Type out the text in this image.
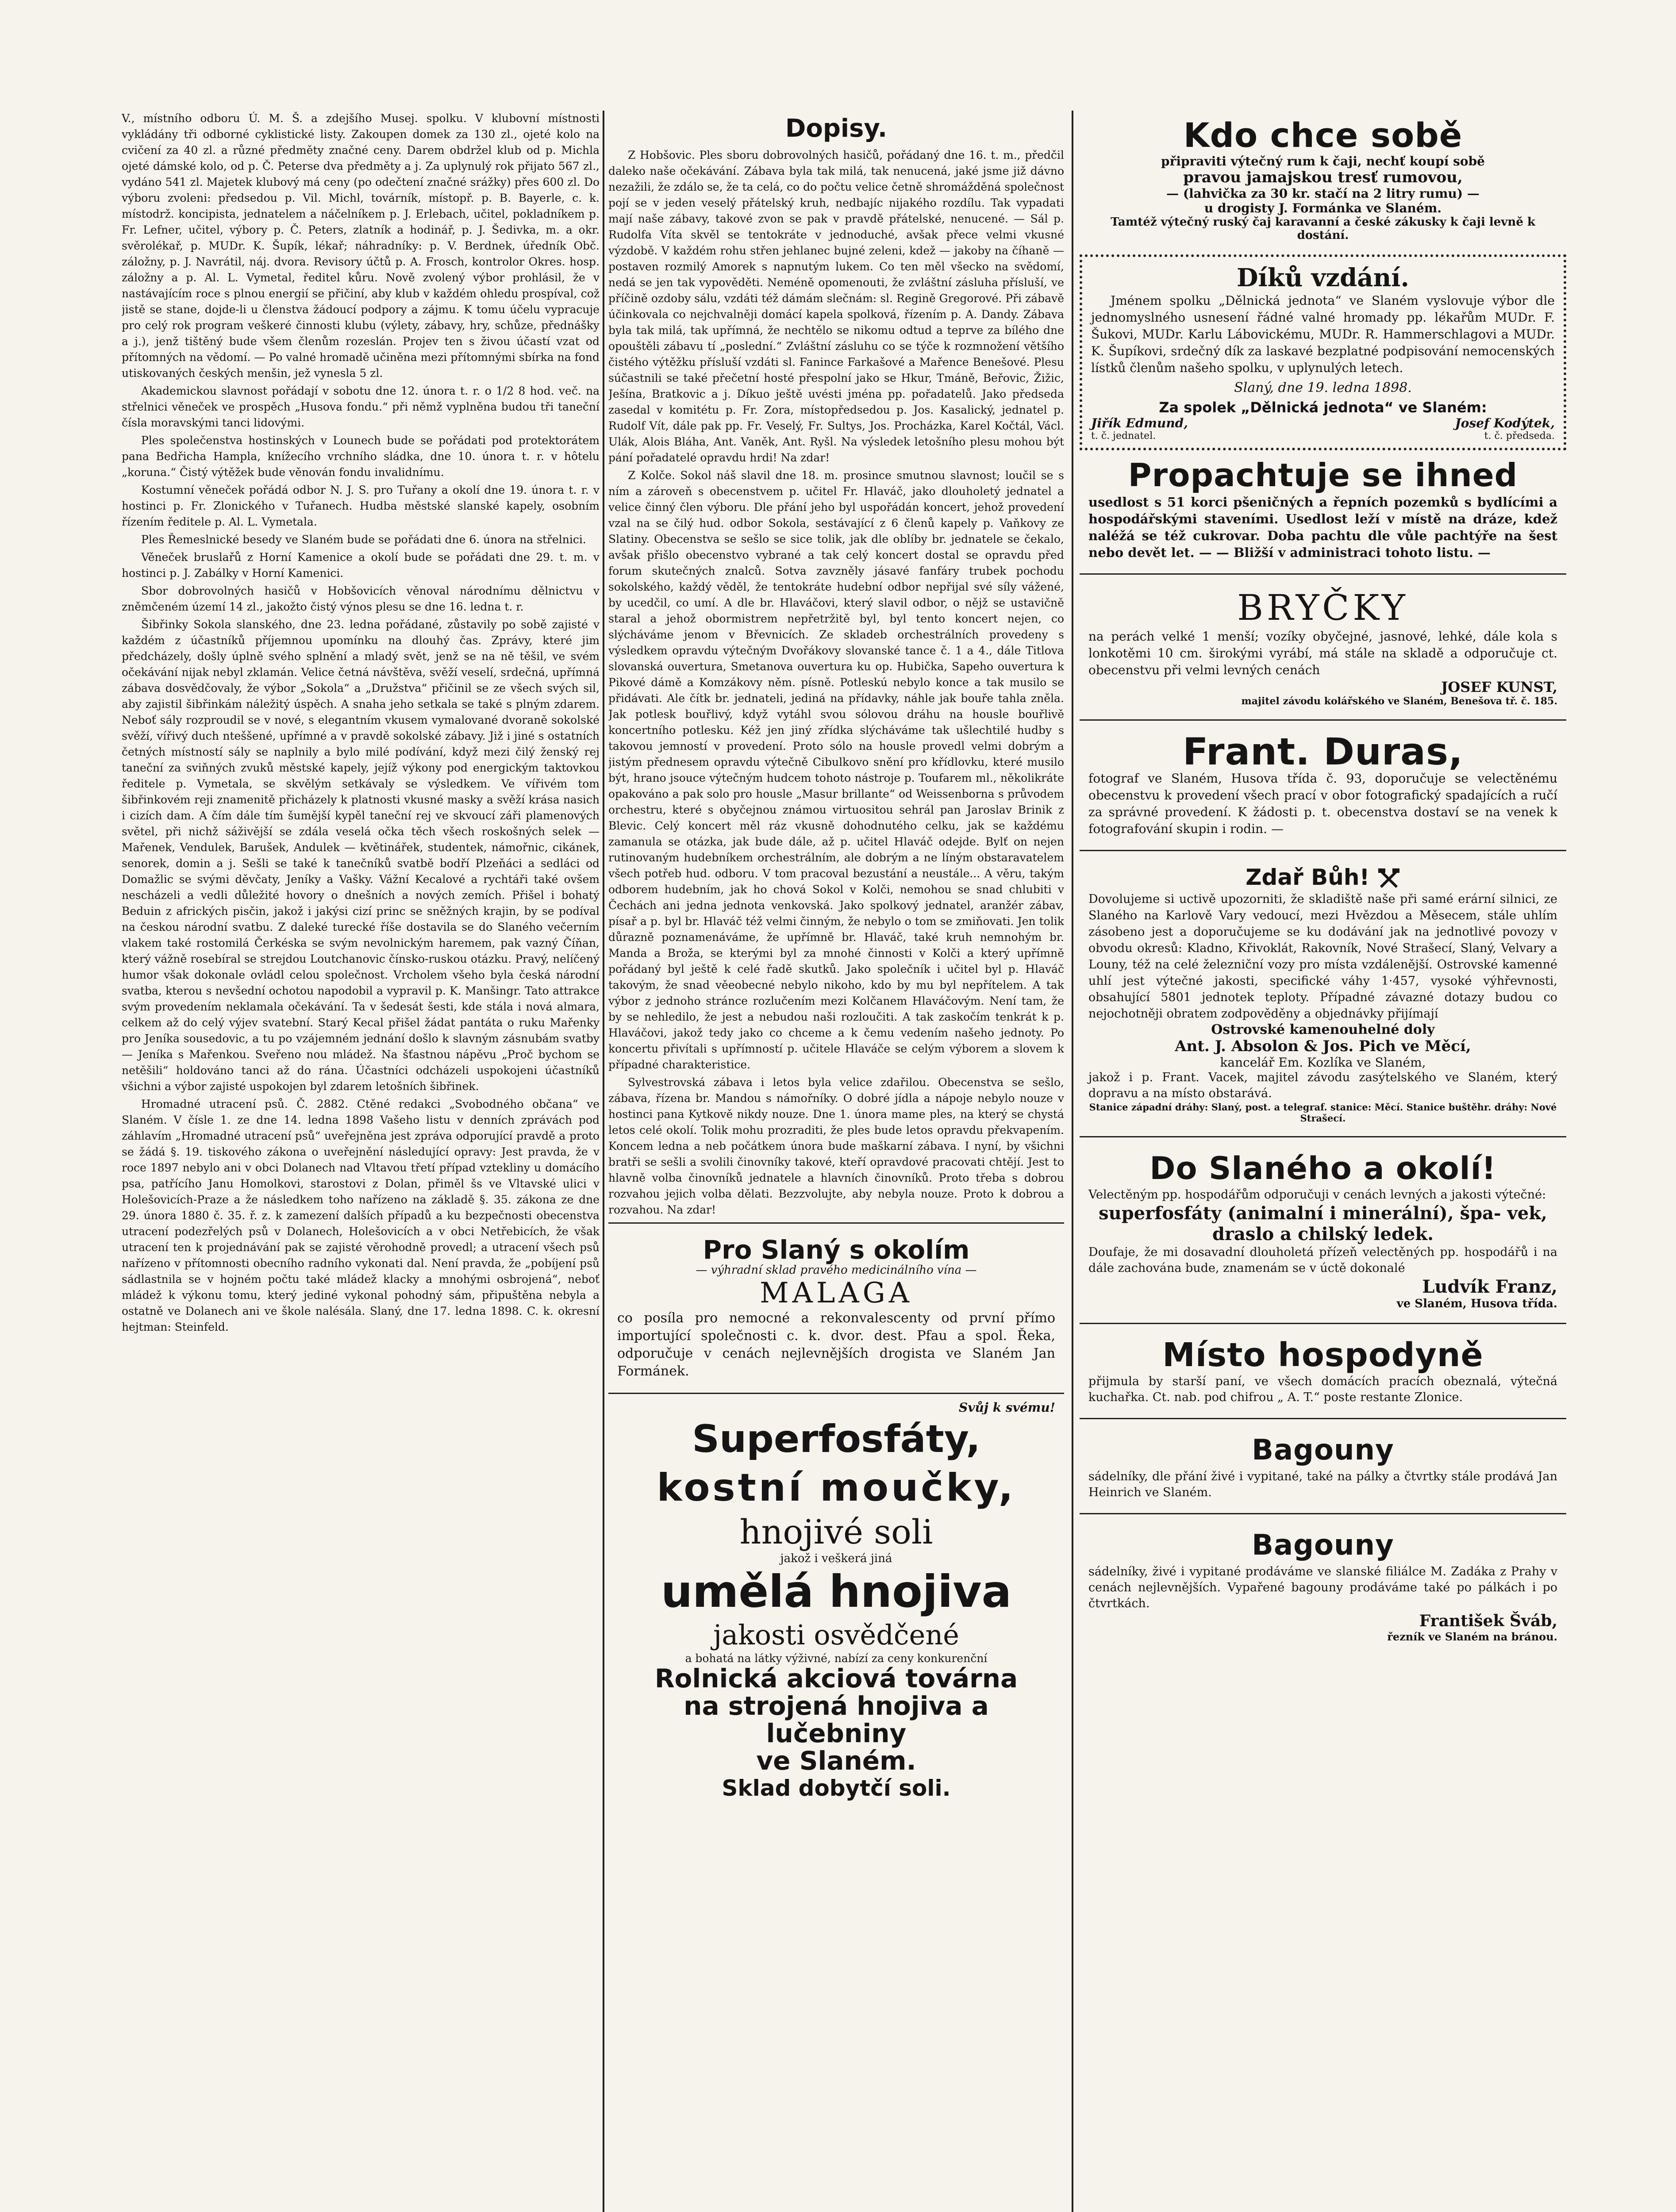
V., místního odboru Ú. M. Š. a zdejšího Musej. spolku. V klubovní místnosti vykládány tři odborné cyklistické listy. Zakoupen domek za 130 zl., ojeté kolo na cvičení za 40 zl. a různé předměty značné ceny. Darem obdržel klub od p. Michla ojeté dámské kolo, od p. Č. Peterse dva předměty a j. Za uplynulý rok přijato 567 zl., vydáno 541 zl. Majetek klubový má ceny (po odečtení značné srážky) přes 600 zl. Do výboru zvoleni: předsedou p. Vil. Michl, továrník, místopř. p. B. Bayerle, c. k. místodrž. koncipista, jednatelem a náčelníkem p. J. Erlebach, učitel, pokladníkem p. Fr. Lefner, učitel, výbory p. Č. Peters, zlatník a hodinář, p. J. Šedivka, m. a okr. svěrolékař, p. MUDr. K. Šupík, lékař; náhradníky: p. V. Berdnek, úředník Obč. záložny, p. J. Navrátil, náj. dvora. Revisory účtů p. A. Frosch, kontrolor Okres. hosp. záložny a p. Al. L. Vymetal, ředitel kůru. Nově zvolený výbor prohlásil, že v nastávajícím roce s plnou energií se přičiní, aby klub v každém ohledu prospíval, což jistě se stane, dojde-li u členstva žádoucí podpory a zájmu. K tomu účelu vypracuje pro celý rok program veškeré činnosti klubu (výlety, zábavy, hry, schůze, přednášky a j.), jenž tištěný bude všem členům rozeslán. Projev ten s živou účastí vzat od přítomných na vědomí. — Po valné hromadě učiněna mezi přítomnými sbírka na fond utiskovaných českých menšin, jež vynesla 5 zl.

Akademickou slavnost pořádají v sobotu dne 12. února t. r. o 1/2 8 hod. več. na střelnici věneček ve prospěch „Husova fondu.“ při němž vyplněna budou tři taneční čísla moravskými tanci lidovými.

Ples společenstva hostinských v Lounech bude se pořádati pod protektorátem pana Bedřicha Hampla, knížecího vrchního sládka, dne 10. února t. r. v hôtelu „koruna.“ Čistý výtěžek bude věnován fondu invalidnímu.

Kostumní věneček pořádá odbor N. J. S. pro Tuřany a okolí dne 19. února t. r. v hostinci p. Fr. Zlonického v Tuřanech. Hudba městské slanské kapely, osobním řízením ředitele p. Al. L. Vymetala.

Ples Řemeslnické besedy ve Slaném bude se pořádati dne 6. února na střelnici.

Věneček bruslařů z Horní Kamenice a okolí bude se pořádati dne 29. t. m. v hostinci p. J. Zabálky v Horní Kamenici.

Sbor dobrovolných hasičů v Hobšovicích věnoval národnímu dělnictvu v zněmčeném území 14 zl., jakožto čistý výnos plesu se dne 16. ledna t. r.

Šibřinky Sokola slanského, dne 23. ledna pořádané, zůstavily po sobě zajisté v každém z účastníků příjemnou upomínku na dlouhý čas. Zprávy, které jim předcházely, došly úplně svého splnění a mladý svět, jenž se na ně těšil, ve svém očekávání nijak nebyl zklamán. Velice četná návštěva, svěží veselí, srdečná, upřímná zábava dosvědčovaly, že výbor „Sokola“ a „Družstva“ přičinil se ze všech svých sil, aby zajistil šibřinkám náležitý úspěch. A snaha jeho setkala se také s plným zdarem. Neboť sály rozproudil se v nové, s elegantním vkusem vymalované dvoraně sokolské svěží, vířivý duch nteššené, upřímné a v pravdě sokolské zábavy. Již i jiné s ostatních četných místností sály se naplnily a bylo milé podívání, když mezi čilý ženský rej taneční za sviňných zvuků městské kapely, jejíž výkony pod energickým taktovkou ředitele p. Vymetala, se skvělým setkávaly se výsledkem. Ve vířivém tom šibřinkovém reji znamenitě přicházely k platnosti vkusné masky a svěží krása nasich i cizích dam. A čím dále tím šumější kypěl taneční rej ve skvoucí záři plamenových světel, při nichž sáživější se zdála veselá očka těch všech roskošných selek — Mařenek, Vendulek, Barušek, Andulek — květinářek, studentek, námořnic, cikánek, senorek, domin a j. Sešli se také k tanečníků svatbě bodří Plzeňáci a sedláci od Domažlic se svými děvčaty, Jeníky a Vašky. Vážní Kecalové a rychtáři také ovšem nescházeli a vedli důležité hovory o dnešních a nových zemích. Přišel i bohatý Beduin z afrických pisčin, jakož i jakýsi cizí princ se sněžných krajin, by se podíval na českou národní svatbu. Z daleké turecké říše dostavila se do Slaného večerním vlakem také rostomilá Čerkéska se svým nevolnickým haremem, pak vazný Číňan, který vážně rosebíral se strejdou Loutchanovic čínsko-ruskou otázku. Pravý, nelíčený humor však dokonale ovládl celou společnost. Vrcholem všeho byla česká národní svatba, kterou s nevšední ochotou napodobil a vypravil p. K. Manšingr. Tato attrakce svým provedením neklamala očekávání. Ta v šedesát šesti, kde stála i nová almara, celkem až do celý výjev svatební. Starý Kecal přišel žádat pantáta o ruku Mařenky pro Jeníka sousedovic, a tu po vzájemném jednání došlo k slavným zásnubám svatby — Jeníka s Mařenkou. Sveřeno nou mládež. Na šťastnou nápěvu „Proč bychom se netěšili“ holdováno tanci až do rána. Účastníci odcházeli uspokojeni účastníků všichni a výbor zajisté uspokojen byl zdarem letošních šibřinek.

Hromadné utracení psů. Č. 2882. Ctěné redakci „Svobodného občana“ ve Slaném. V čísle 1. ze dne 14. ledna 1898 Vašeho listu v denních zprávách pod záhlavím „Hromadné utracení psů“ uveřejněna jest zpráva odporující pravdě a proto se žádá §. 19. tiskového zákona o uveřejnění následující opravy: Jest pravda, že v roce 1897 nebylo ani v obci Dolanech nad Vltavou třetí případ vztekliny u domácího psa, patřícího Janu Homolkovi, starostovi z Dolan, přiměl šs ve Vltavské ulici v Holešovicích-Praze a že následkem toho nařízeno na základě §. 35. zákona ze dne 29. února 1880 č. 35. ř. z. k zamezení dalších případů a ku bezpečnosti obecenstva utracení podezřelých psů v Dolanech, Holešovicích a v obci Netřebicích, že však utracení ten k projednávání pak se zajisté věrohodně provedl; a utracení všech psů nařízeno v přítomnosti obecního radního vykonati dal. Není pravda, že „pobíjení psů sádlastnila se v hojném počtu také mládež klacky a mnohými osbrojená“, neboť mládež k výkonu tomu, který jediné vykonal pohodný sám, připuštěna nebyla a ostatně ve Dolanech ani ve škole nalésála. Slaný, dne 17. ledna 1898. C. k. okresní hejtman: Steinfeld.

Dopisy.

Z Hobšovic. Ples sboru dobrovolných hasičů, pořádaný dne 16. t. m., předčil daleko naše očekávání. Zábava byla tak milá, tak nenucená, jaké jsme již dávno nezažili, že zdálo se, že ta celá, co do počtu velice četně shromážděná společnost pojí se v jeden veselý přátelský kruh, nedbajíc nijakého rozdílu. Tak vypadati mají naše zábavy, takové zvon se pak v pravdě přátelské, nenucené. — Sál p. Rudolfa Víta skvěl se tentokráte v jednoduché, avšak přece velmi vkusné výzdobě. V každém rohu střen jehlanec bujné zeleni, kdež — jakoby na číhaně — postaven rozmilý Amorek s napnutým lukem. Co ten měl všecko na svědomí, nedá se jen tak vypověděti. Neméně opomenouti, že zvláštní zásluha přísluší, ve příčině ozdoby sálu, vzdáti též dámám slečnám: sl. Regině Gregorové. Při zábavě účinkovala co nejchvalněji domácí kapela spolková, řízením p. A. Dandy. Zábava byla tak milá, tak upřímná, že nechtělo se nikomu odtud a teprve za bílého dne opouštěli zábavu tí „poslední.“ Zvláštní zásluhu co se týče k rozmnožení většího čistého výtěžku přísluší vzdáti sl. Fanince Farkašové a Mařence Benešové. Plesu súčastnili se také přečetní hosté přespolní jako se Hkur, Tmáně, Beřovic, Žižic, Ješína, Bratkovic a j. Díkuo ještě uvésti jména pp. pořadatelů. Jako předseda zasedal v komitétu p. Fr. Zora, místopředsedou p. Jos. Kasalický, jednatel p. Rudolf Vít, dále pak pp. Fr. Veselý, Fr. Sultys, Jos. Procházka, Karel Kočtál, Václ. Ulák, Alois Bláha, Ant. Vaněk, Ant. Ryšl. Na výsledek letošního plesu mohou být pání pořadatelé opravdu hrdi! Na zdar!

Z Kolče. Sokol náš slavil dne 18. m. prosince smutnou slavnost; loučil se s ním a zároveň s obecenstvem p. učitel Fr. Hlaváč, jako dlouholetý jednatel a velice činný člen výboru. Dle přání jeho byl uspořádán koncert, jehož provedení vzal na se čilý hud. odbor Sokola, sestávající z 6 členů kapely p. Vaňkovy ze Slatiny. Obecenstva se sešlo se sice tolik, jak dle oblíby br. jednatele se čekalo, avšak přišlo obecenstvo vybrané a tak celý koncert dostal se opravdu před forum skutečných znalců. Sotva zavzněly jásavé fanfáry trubek pochodu sokolského, každý věděl, že tentokráte hudební odbor nepřijal své síly vážené, by ucedčil, co umí. A dle br. Hlaváčovi, který slavil odbor, o nějž se ustavičně staral a jehož obormistrem nepřetržitě byl, byl tento koncert nejen, co slýcháváme jenom v Břevnicích. Ze skladeb orchestrálních provedeny s výsledkem opravdu výtečným Dvořákovy slovanské tance č. 1 a 4., dále Titlova slovanská ouvertura, Smetanova ouvertura ku op. Hubička, Sapeho ouvertura k Pikové dámě a Komzákovy něm. písně. Potleskú nebylo konce a tak musilo se přidávati. Ale čítk br. jednateli, jediná na přídavky, náhle jak bouře tahla zněla. Jak potlesk bouřlivý, když vytáhl svou sólovou dráhu na housle bouřlivě koncertního potlesku. Kéž jen jiný zřídka slýcháváme tak ušlechtilé hudby s takovou jemností v provedení. Proto sólo na housle provedl velmi dobrým a jistým přednesem opravdu výtečně Cibulkovo snění pro křídlovku, které musilo být, hrano jsouce výtečným hudcem tohoto nástroje p. Toufarem ml., několikráte opakováno a pak solo pro housle „Masur brillante“ od Weissenborna s průvodem orchestru, které s obyčejnou známou virtuositou sehrál pan Jaroslav Brinik z Blevic. Celý koncert měl ráz vkusně dohodnutého celku, jak se každému zamanula se otázka, jak bude dále, až p. učitel Hlaváč odejde. Bylť on nejen rutinovaným hudebníkem orchestrálním, ale dobrým a ne líným obstaravatelem všech potřeb hud. odboru. V tom pracoval bezustání a neustále... A věru, takým odborem hudebním, jak ho chová Sokol v Kolči, nemohou se snad chlubiti v Čechách ani jedna jednota venkovská. Jako spolkový jednatel, aranžér zábav, písař a p. byl br. Hlaváč též velmi činným, že nebylo o tom se zmiňovati. Jen tolik důrazně poznamenáváme, že upřímně br. Hlaváč, také kruh nemnohým br. Manda a Broža, se kterými byl za mnohé činnosti v Kolči a který upřímně pořádaný byl ještě k celé řadě skutků. Jako společník i učitel byl p. Hlaváč takovým, že snad věeobecné nebylo nikoho, kdo by mu byl nepřítelem. A tak výbor z jednoho stránce rozlučením mezi Kolčanem Hlaváčovým. Není tam, že by se nehledilo, že jest a nebudou naši rozloučiti. A tak zaskočím tenkrát k p. Hlaváčovi, jakož tedy jako co chceme a k čemu vedením našeho jednoty. Po koncertu přivítali s upřímností p. učitele Hlaváče se celým výborem a slovem k případné charakteristice.

Sylvestrovská zábava i letos byla velice zdařilou. Obecenstva se sešlo, zábava, řízena br. Mandou s námořníky. O dobré jídla a nápoje nebylo nouze v hostinci pana Kytkově nikdy nouze. Dne 1. února mame ples, na který se chystá letos celé okolí. Tolik mohu prozraditi, že ples bude letos opravdu překvapením. Koncem ledna a neb počátkem února bude maškarní zábava. I nyní, by všichni bratři se sešli a svolili činovníky takové, kteří opravdové pracovati chtějí. Jest to hlavně volba činovníků jednatele a hlavních činovníků. Proto třeba s dobrou rozvahou jejich volba dělati. Bezzvolujte, aby nebyla nouze. Proto k dobrou a rozvahou. Na zdar!

Pro Slaný s okolím
— výhradní sklad pravého medicinálního vína —
MALAGA
co posíla pro nemocné a rekonvalescenty od první přímo importující společnosti c. k. dvor. dest. Pfau a spol. Řeka, odporučuje v cenách nejlevnějších drogista ve Slaném Jan Formánek.
Svůj k svému!
Superfosfáty,
kostní moučky,
hnojivé soli
jakož i veškerá jiná
umělá hnojiva
jakosti osvědčené
a bohatá na látky výživné, nabízí za ceny konkurenční
Rolnická akciová továrna
na strojená hnojiva a lučebniny
ve Slaném.
Sklad dobytčí soli.
Kdo chce sobě
připraviti výtečný rum k čaji, nechť koupí sobě
pravou jamajskou tresť rumovou,
— (lahvička za 30 kr. stačí na 2 litry rumu) —
u drogisty J. Formánka ve Slaném.
Tamtéž výtečný ruský čaj karavanní a české zákusky k čaji levně k dostání.
Díků vzdání.
Jménem spolku „Dělnická jednota“ ve Slaném vyslovuje výbor dle jednomyslného usnesení řádné valné hromady pp. lékařům MUDr. F. Šukovi, MUDr. Karlu Lábovickému, MUDr. R. Hammerschlagovi a MUDr. K. Šupíkovi, srdečný dík za laskavé bezplatné podpisování nemocenských lístků členům našeho spolku, v uplynulých letech.
Slaný, dne 19. ledna 1898.
Za spolek „Dělnická jednota“ ve Slaném:
Jiřík Edmund,	Josef Kodýtek,
t. č. jednatel.	t. č. předseda.
Propachtuje se ihned
usedlost s 51 korci pšeničných a řepních pozemků s bydlícími a hospodářskými staveními. Usedlost leží v místě na dráze, kdež naléžá se též cukrovar. Doba pachtu dle vůle pachtýře na šest nebo devět let. — — Bližší v administraci tohoto listu. —
BRYČKY
na perách velké 1 menší; vozíky obyčejné, jasnové, lehké, dále kola s lonkotěmi 10 cm. širokými vyrábí, má stále na skladě a odporučuje ct. obecenstvu při velmi levných cenách
JOSEF KUNST,
majitel závodu kolářského ve Slaném, Benešova tř. č. 185.
Frant. Duras,
fotograf ve Slaném, Husova třída č. 93, doporučuje se velectěnému obecenstvu k provedení všech prací v obor fotografický spadajících a ručí za správné provedení. K žádosti p. t. obecenstva dostaví se na venek k fotografování skupin i rodin. —
Zdař Bůh!
Dovolujeme si uctivě upozorniti, že skladiště naše při samé erární silnici, ze Slaného na Karlově Vary vedoucí, mezi Hvězdou a Měsecem, stále uhlím zásobeno jest a doporučujeme se ku dodávání jak na jednotlivé povozy v obvodu okresů: Kladno, Křivoklát, Rakovník, Nové Strašecí, Slaný, Velvary a Louny, též na celé železniční vozy pro místa vzdálenější. Ostrovské kamenné uhlí jest výtečné jakosti, specifické váhy 1·457, vysoké výhřevnosti, obsahující 5801 jednotek teploty. Případné závazné dotazy budou co nejochotněji obratem zodpověděny a objednávky přijímají
Ostrovské kamenouhelné doly
Ant. J. Absolon & Jos. Pich ve Měcí,
kancelář Em. Kozlíka ve Slaném,
jakož i p. Frant. Vacek, majitel závodu zasýtelského ve Slaném, který dopravu a na místo obstarává.
Stanice západní dráhy: Slaný, post. a telegraf. stanice: Měcí. Stanice buštěhr. dráhy: Nové Strašecí.
Do Slaného a okolí!
Velectěným pp. hospodářům odporučuji v cenách levných a jakosti výtečné:
superfosfáty (animalní i minerální), špa- vek, draslo a chilský ledek.
Doufaje, že mi dosavadní dlouholetá přízeň velectěných pp. hospodářů i na dále zachována bude, znamenám se v úctě dokonalé
Ludvík Franz,
ve Slaném, Husova třída.
Místo hospodyně
přijmula by starší paní, ve všech domácích pracích obeznalá, výtečná kuchařka. Ct. nab. pod chifrou „ A. T.“ poste restante Zlonice.
Bagouny
sádelníky, dle přání živé i vypitané, také na pálky a čtvrtky stále prodává Jan Heinrich ve Slaném.
Bagouny
sádelníky, živé i vypitané prodáváme ve slanské filiálce M. Zadáka z Prahy v cenách nejlevnějších. Vypařené bagouny prodáváme také po pálkách i po čtvrtkách.
František Šváb,
řezník ve Slaném na bránou.
